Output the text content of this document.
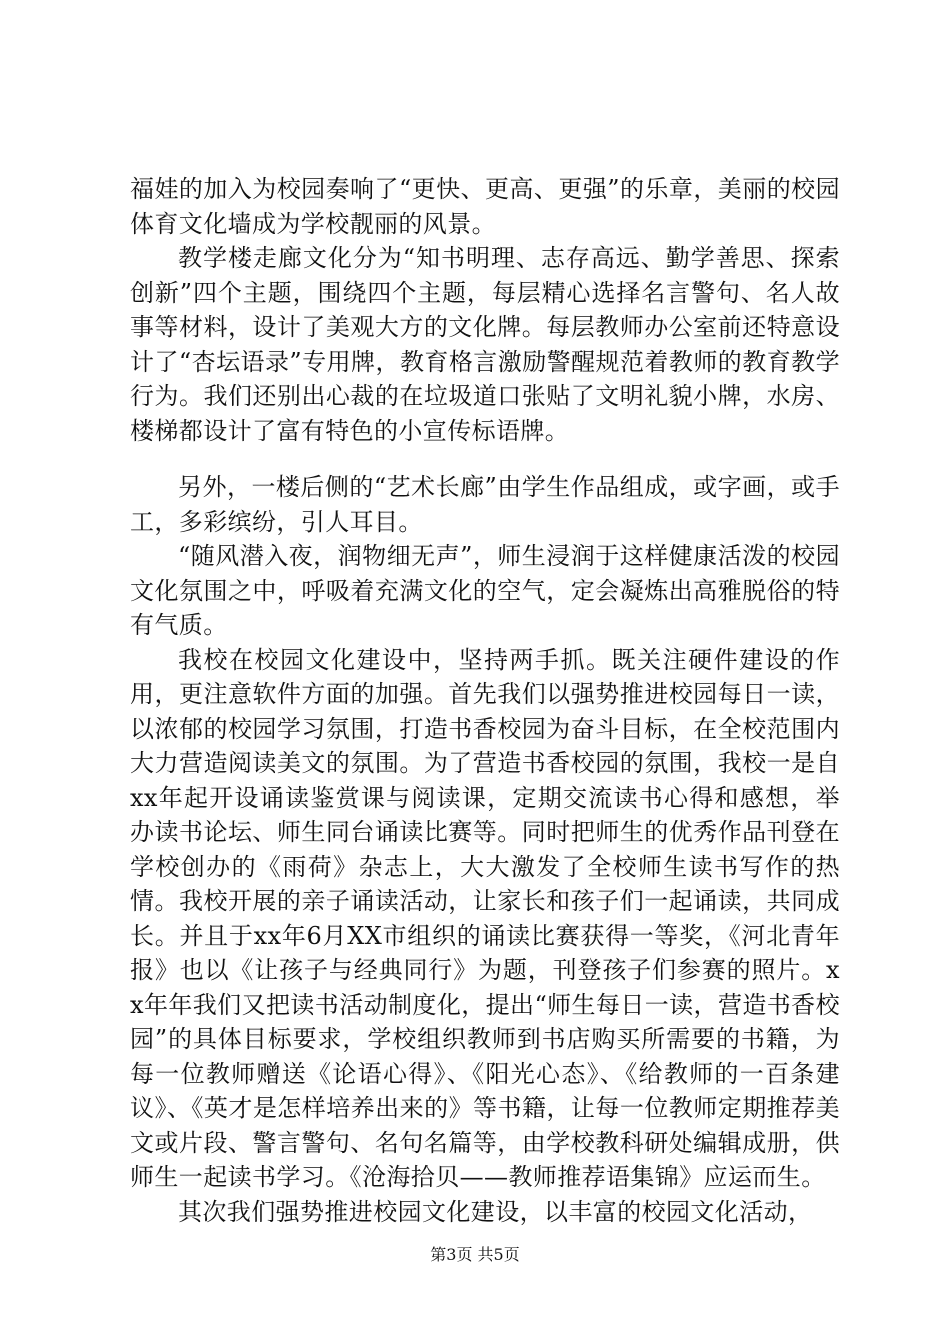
福娃的加入为校园奏响了“更快、更高、更强”的乐章，美丽的校园体育文化墙成为学校靓丽的风景。

教学楼走廊文化分为“知书明理、志存高远、勤学善思、探索创新”四个主题，围绕四个主题，每层精心选择名言警句、名人故事等材料，设计了美观大方的文化牌。每层教师办公室前还特意设计了“杏坛语录”专用牌，教育格言激励警醒规范着教师的教育教学行为。我们还别出心裁的在垃圾道口张贴了文明礼貌小牌，水房、楼梯都设计了富有特色的小宣传标语牌。

另外，一楼后侧的“艺术长廊”由学生作品组成，或字画，或手工，多彩缤纷，引人耳目。

“随风潜入夜，润物细无声”，师生浸润于这样健康活泼的校园文化氛围之中，呼吸着充满文化的空气，定会凝炼出高雅脱俗的特有气质。

我校在校园文化建设中，坚持两手抓。既关注硬件建设的作用，更注意软件方面的加强。首先我们以强势推进校园每日一读，以浓郁的校园学习氛围，打造书香校园为奋斗目标，在全校范围内大力营造阅读美文的氛围。为了营造书香校园的氛围，我校一是自xx年起开设诵读鉴赏课与阅读课，定期交流读书心得和感想，举办读书论坛、师生同台诵读比赛等。同时把师生的优秀作品刊登在学校创办的《雨荷》杂志上，大大激发了全校师生读书写作的热情。我校开展的亲子诵读活动，让家长和孩子们一起诵读，共同成长。并且于xx年6月XX市组织的诵读比赛获得一等奖，《河北青年报》也以《让孩子与经典同行》为题，刊登孩子们参赛的照片。xx年年我们又把读书活动制度化，提出“师生每日一读，营造书香校园”的具体目标要求，学校组织教师到书店购买所需要的书籍，为每一位教师赠送《论语心得》、《阳光心态》、《给教师的一百条建议》、《英才是怎样培养出来的》等书籍，让每一位教师定期推荐美文或片段、警言警句、名句名篇等，由学校教科研处编辑成册，供师生一起读书学习。《沧海拾贝——教师推荐语集锦》应运而生。

其次我们强势推进校园文化建设，以丰富的校园文化活动，

第3页 共5页
